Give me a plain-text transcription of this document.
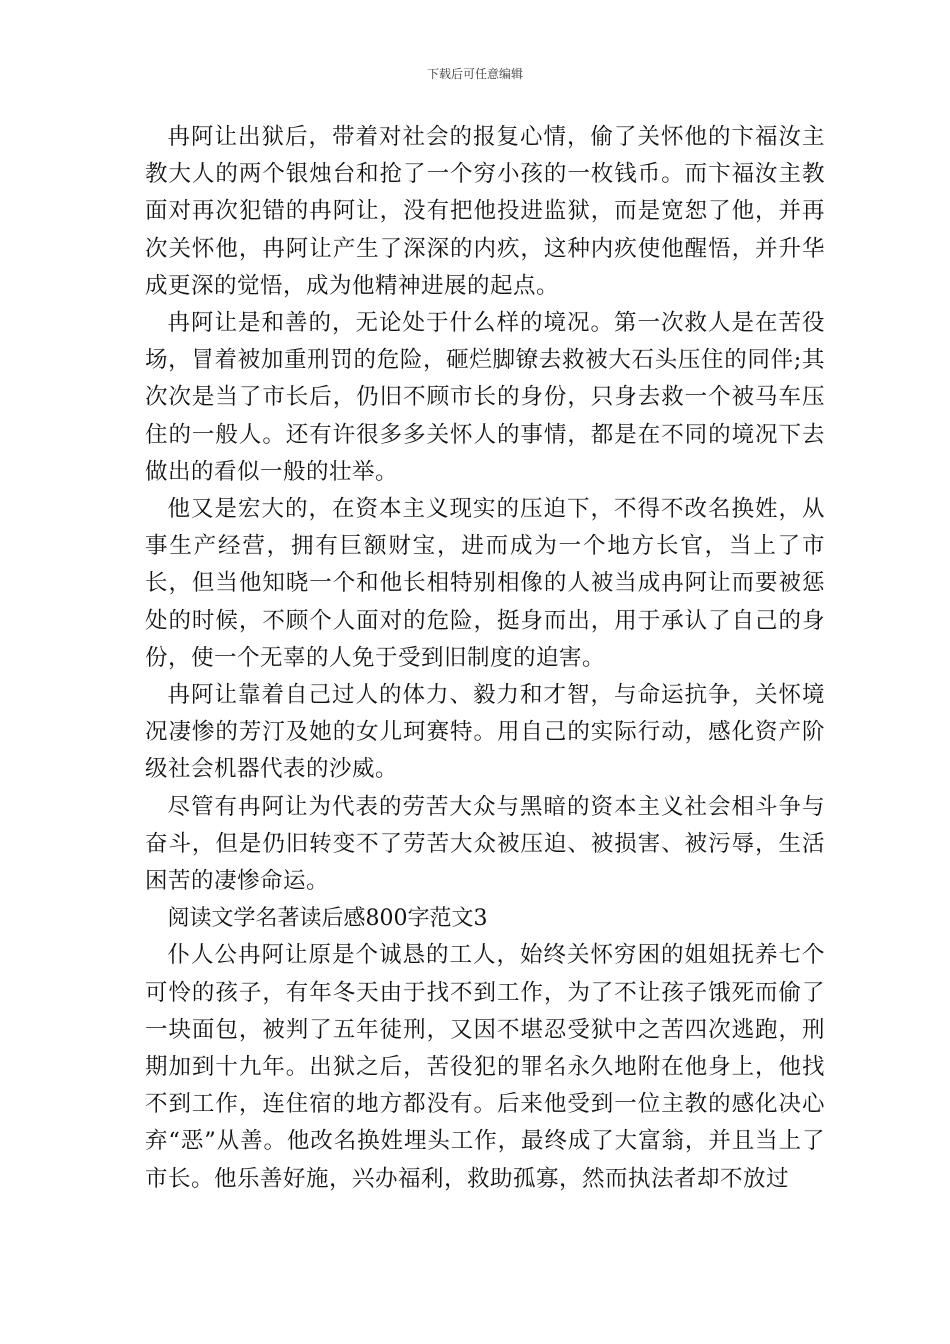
下载后可任意编辑

冉阿让出狱后，带着对社会的报复心情，偷了关怀他的卞福汝主教大人的两个银烛台和抢了一个穷小孩的一枚钱币。而卞福汝主教面对再次犯错的冉阿让，没有把他投进监狱，而是宽恕了他，并再次关怀他，冉阿让产生了深深的内疚，这种内疚使他醒悟，并升华成更深的觉悟，成为他精神进展的起点。

冉阿让是和善的，无论处于什么样的境况。第一次救人是在苦役场，冒着被加重刑罚的危险，砸烂脚镣去救被大石头压住的同伴;其次次是当了市长后，仍旧不顾市长的身份，只身去救一个被马车压住的一般人。还有许很多多关怀人的事情，都是在不同的境况下去做出的看似一般的壮举。

他又是宏大的，在资本主义现实的压迫下，不得不改名换姓，从事生产经营，拥有巨额财宝，进而成为一个地方长官，当上了市长，但当他知晓一个和他长相特别相像的人被当成冉阿让而要被惩处的时候，不顾个人面对的危险，挺身而出，用于承认了自己的身份，使一个无辜的人免于受到旧制度的迫害。

冉阿让靠着自己过人的体力、毅力和才智，与命运抗争，关怀境况凄惨的芳汀及她的女儿珂赛特。用自己的实际行动，感化资产阶级社会机器代表的沙威。

尽管有冉阿让为代表的劳苦大众与黑暗的资本主义社会相斗争与奋斗，但是仍旧转变不了劳苦大众被压迫、被损害、被污辱，生活困苦的凄惨命运。

阅读文学名著读后感800字范文3

仆人公冉阿让原是个诚恳的工人，始终关怀穷困的姐姐抚养七个可怜的孩子，有年冬天由于找不到工作，为了不让孩子饿死而偷了一块面包，被判了五年徒刑，又因不堪忍受狱中之苦四次逃跑，刑期加到十九年。出狱之后，苦役犯的罪名永久地附在他身上，他找不到工作，连住宿的地方都没有。后来他受到一位主教的感化决心弃“恶”从善。他改名换姓埋头工作，最终成了大富翁，并且当上了市长。他乐善好施，兴办福利，救助孤寡，然而执法者却不放过
